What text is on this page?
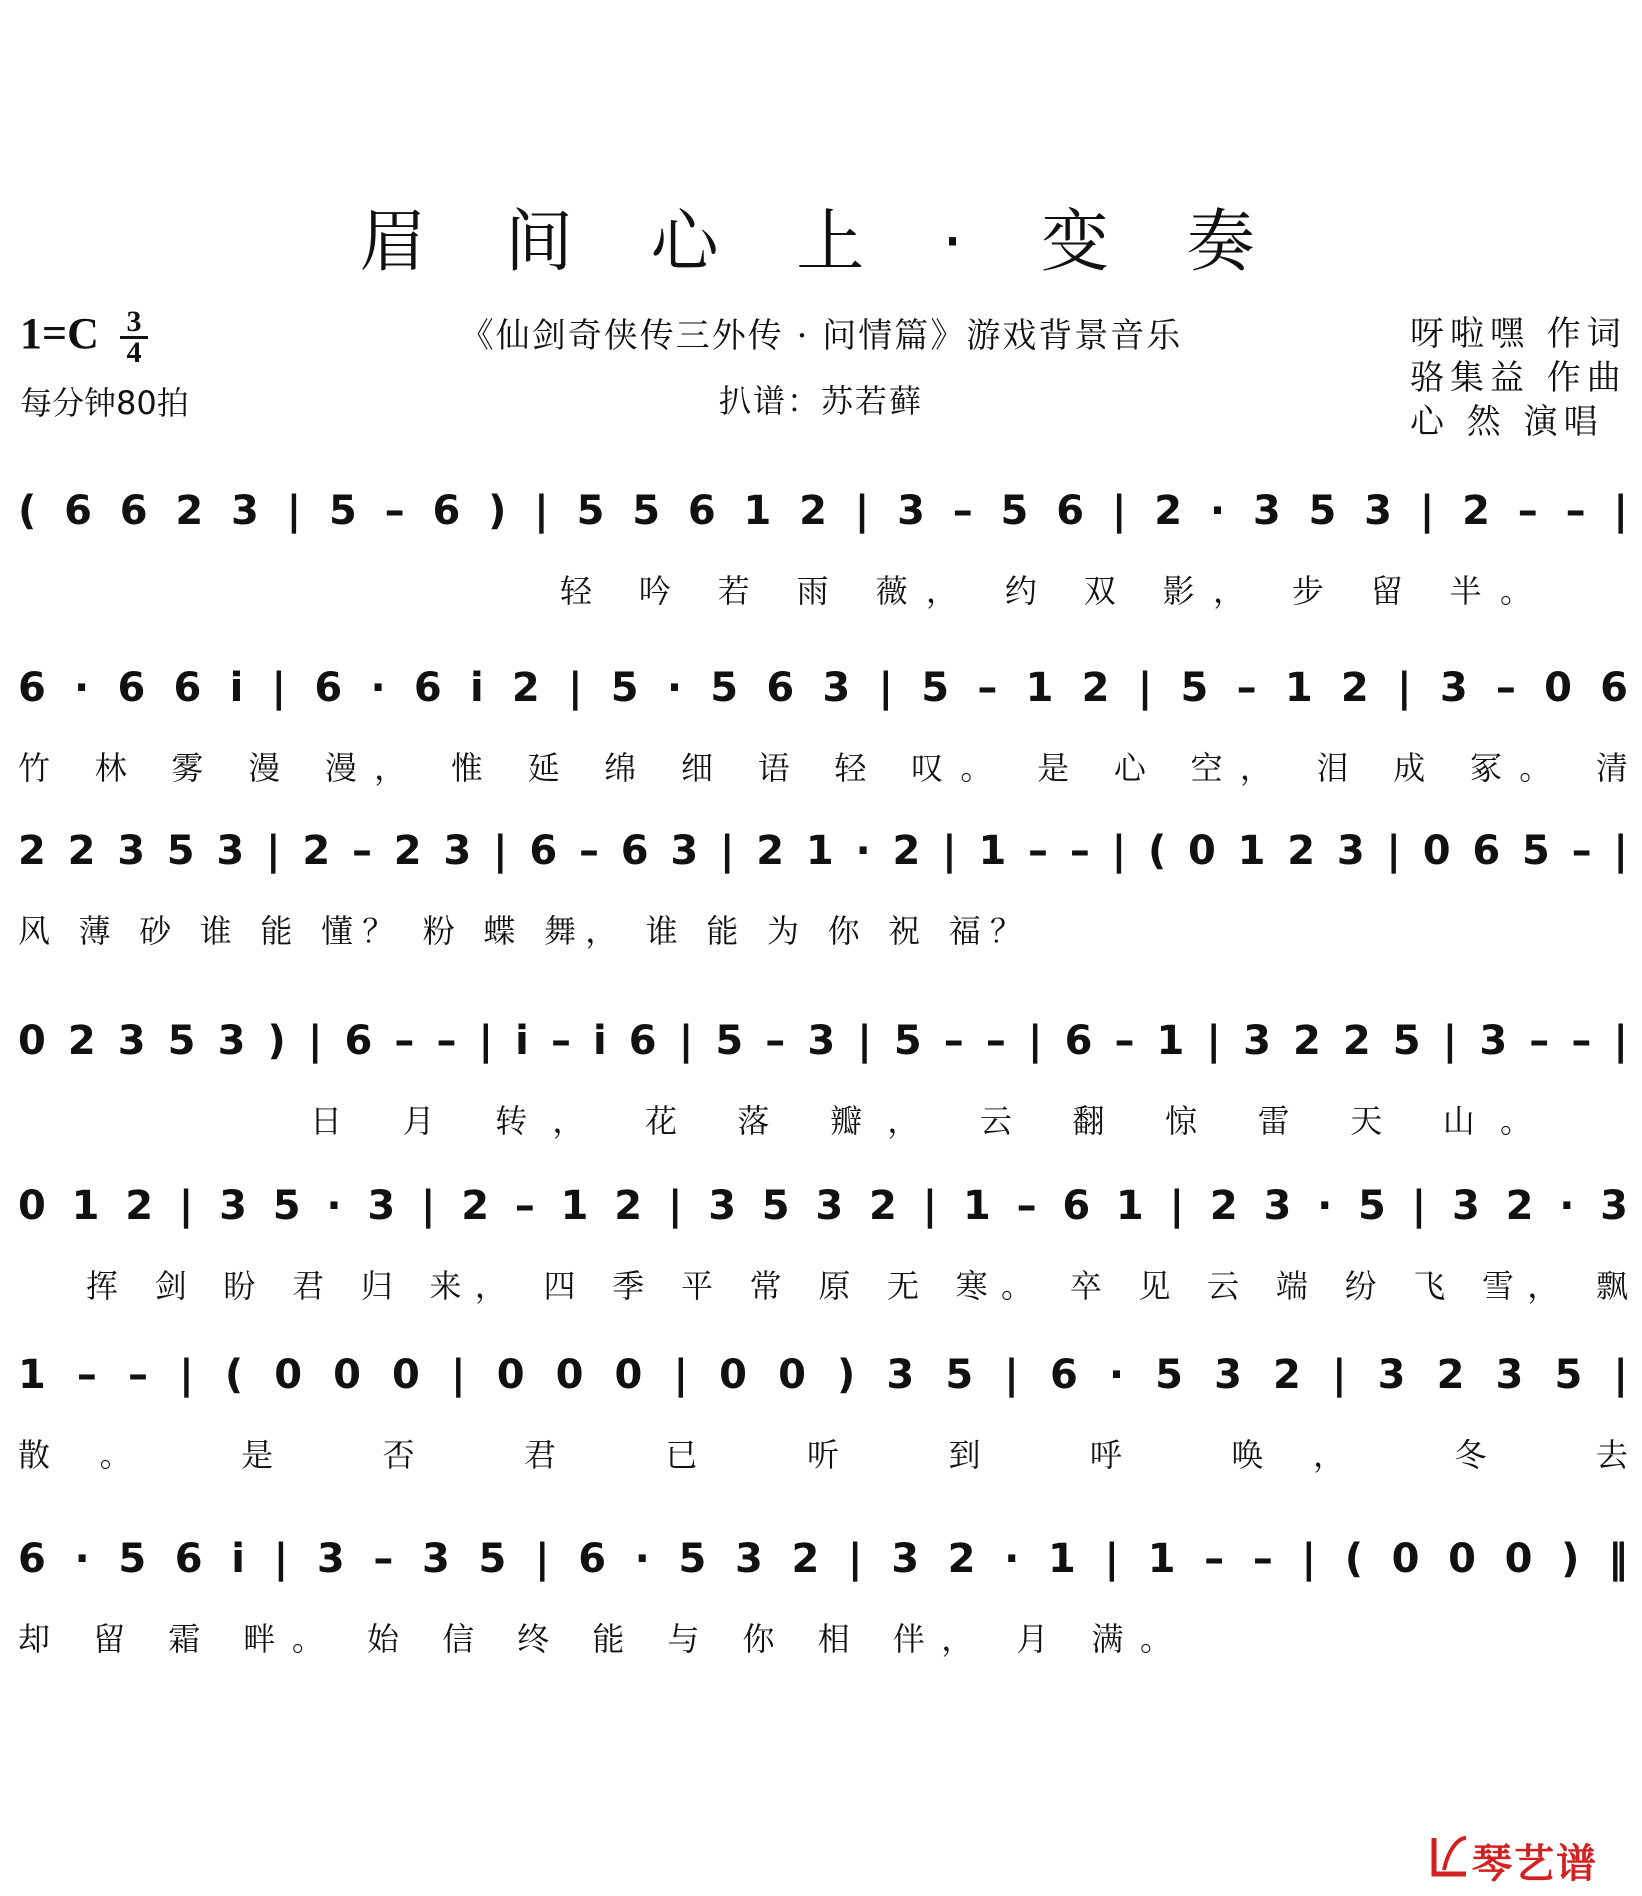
眉 间 心 上 · 变 奏
1=C 3
4
每分钟80拍
《仙剑奇侠传三外传 · 问情篇》游戏背景音乐
扒谱：苏若藓
呀啦嘿 作词
骆集益 作曲
心 然 演唱
( 6 6 2 3 | 5 – 6 ) | 5 5 6 1 2 | 3 – 5 6 | 2 · 3 5 3 | 2 – – |
轻 吟 若 雨 薇， 约 双 影， 步 留 半。
6 · 6 6 i | 6 · 6 i 2 | 5 · 5 6 3 | 5 – 1 2 | 5 – 1 2 | 3 – 0 6
竹 林 雾 漫 漫， 惟 延 绵 细 语 轻 叹。 是 心 空， 泪 成 冢。 清
2 2 3 5 3 | 2 – 2 3 | 6 – 6 3 | 2 1 · 2 | 1 – – | ( 0 1 2 3 | 0 6 5 – |
风 薄 砂 谁 能 懂？ 粉 蝶 舞， 谁 能 为 你 祝 福？
0 2 3 5 3 ) | 6 – – | i – i 6 | 5 – 3 | 5 – – | 6 – 1 | 3 2 2 5 | 3 – – |
日 月 转， 花 落 瓣， 云 翻 惊 雷 天 山。
0 1 2 | 3 5 · 3 | 2 – 1 2 | 3 5 3 2 | 1 – 6 1 | 2 3 · 5 | 3 2 · 3
挥 剑 盼 君 归 来， 四 季 平 常 原 无 寒。 卒 见 云 端 纷 飞 雪， 飘
1 – – | ( 0 0 0 | 0 0 0 | 0 0 ) 3 5 | 6 · 5 3 2 | 3 2 3 5 |
散。 是 否 君 已 听 到 呼 唤， 冬 去
6 · 5 6 i | 3 – 3 5 | 6 · 5 3 2 | 3 2 · 1 | 1 – – | ( 0 0 0 ) ‖
却 留 霜 畔。 始 信 终 能 与 你 相 伴， 月 满。
琴艺谱
